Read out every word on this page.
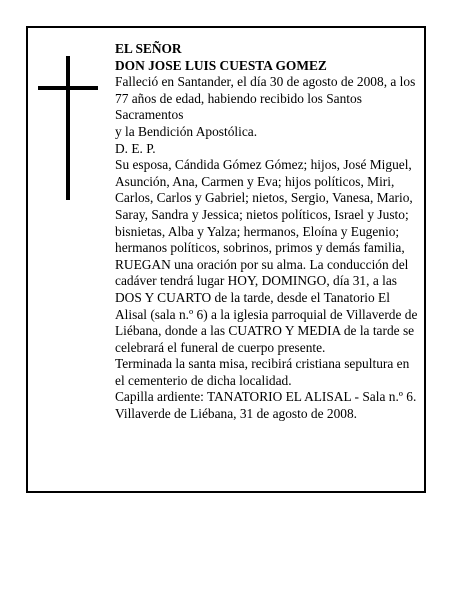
EL SEÑOR

DON JOSE LUIS CUESTA GOMEZ

Falleció en Santander, el día 30 de agosto de 2008, a los 77 años de edad, habiendo recibido los Santos Sacramentos

y la Bendición Apostólica.

D. E. P.

Su esposa, Cándida Gómez Gómez; hijos, José Miguel, Asunción, Ana, Carmen y Eva; hijos políticos, Miri, Carlos, Carlos y Gabriel; nietos, Sergio, Vanesa, Mario, Saray, Sandra y Jessica; nietos políticos, Israel y Justo; bisnietas, Alba y Yalza; hermanos, Eloína y Eugenio; hermanos políticos, sobrinos, primos y demás familia, RUEGAN una oración por su alma. La conducción del cadáver tendrá lugar HOY, DOMINGO, día 31, a las DOS Y CUARTO de la tarde, desde el Tanatorio El Alisal (sala n.º 6) a la iglesia parroquial de Villaverde de Liébana, donde a las CUATRO Y MEDIA de la tarde se celebrará el funeral de cuerpo presente.

Terminada la santa misa, recibirá cristiana sepultura en el cementerio de dicha localidad.

Capilla ardiente: TANATORIO EL ALISAL - Sala n.º 6.

Villaverde de Liébana, 31 de agosto de 2008.
